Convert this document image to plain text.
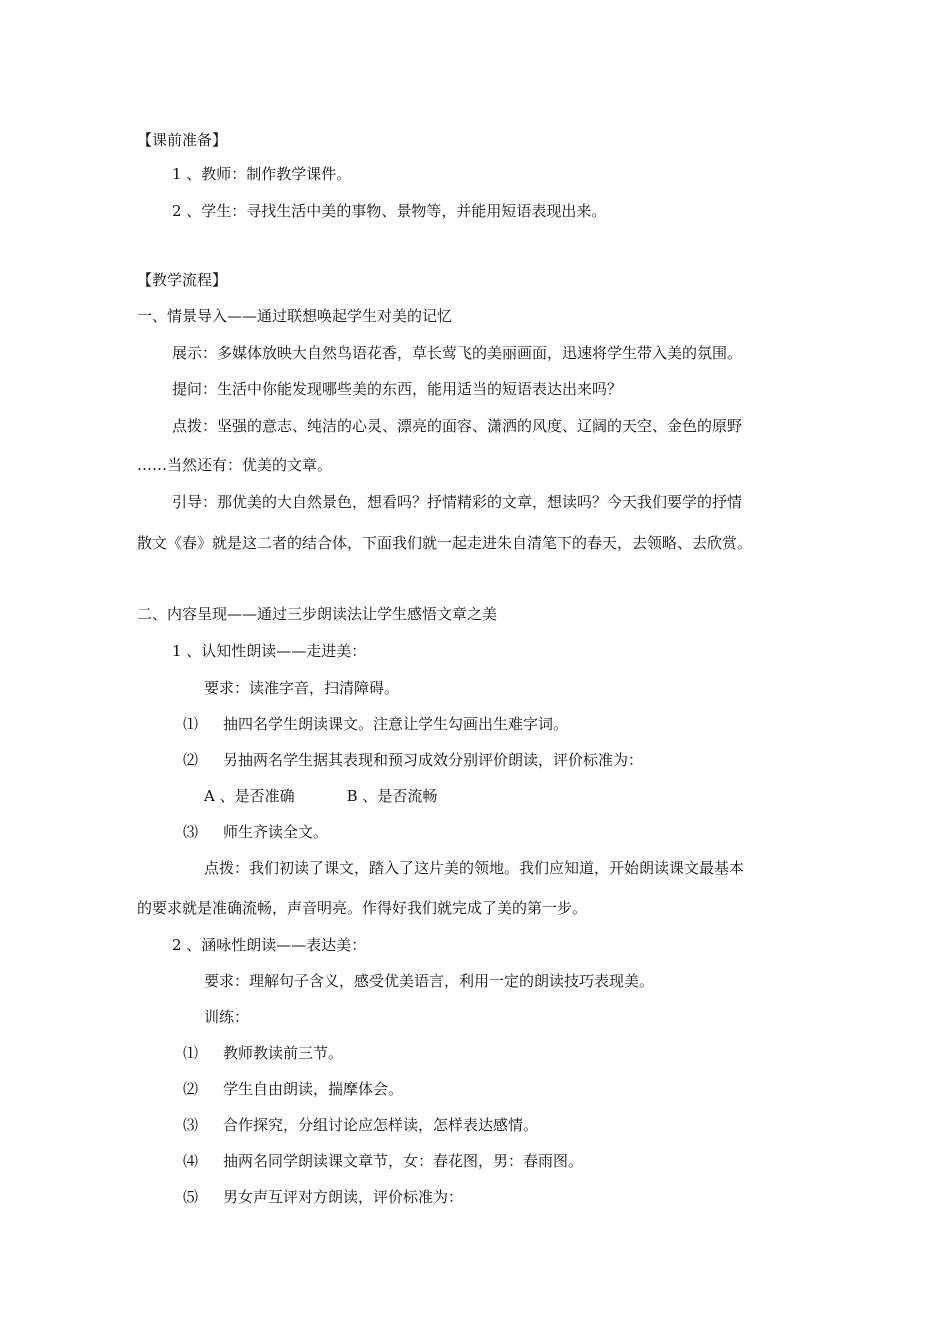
【课前准备】
1 、教师：制作教学课件。
2 、学生：寻找生活中美的事物、景物等，并能用短语表现出来。
【教学流程】
一、情景导入——通过联想唤起学生对美的记忆
展示：多媒体放映大自然鸟语花香，草长莺飞的美丽画面，迅速将学生带入美的氛围。
提问：生活中你能发现哪些美的东西，能用适当的短语表达出来吗？
点拨：坚强的意志、纯洁的心灵、漂亮的面容、潇洒的风度、辽阔的天空、金色的原野
……当然还有：优美的文章。
引导：那优美的大自然景色，想看吗？抒情精彩的文章，想读吗？今天我们要学的抒情
散文《春》就是这二者的结合体，下面我们就一起走进朱自清笔下的春天，去领略、去欣赏。
二、内容呈现——通过三步朗读法让学生感悟文章之美
1 、认知性朗读——走进美：
要求：读准字音，扫清障碍。
⑴ 抽四名学生朗读课文。注意让学生勾画出生难字词。
⑵ 另抽两名学生据其表现和预习成效分别评价朗读，评价标准为：
A 、是否准确	B 、是否流畅
⑶ 师生齐读全文。
点拨：我们初读了课文，踏入了这片美的领地。我们应知道，开始朗读课文最基本
的要求就是准确流畅，声音明亮。作得好我们就完成了美的第一步。
2 、涵咏性朗读——表达美：
要求：理解句子含义，感受优美语言，利用一定的朗读技巧表现美。
训练：
⑴ 教师教读前三节。
⑵ 学生自由朗读，揣摩体会。
⑶ 合作探究，分组讨论应怎样读，怎样表达感情。
⑷ 抽两名同学朗读课文章节，女：春花图，男：春雨图。
⑸ 男女声互评对方朗读，评价标准为：
